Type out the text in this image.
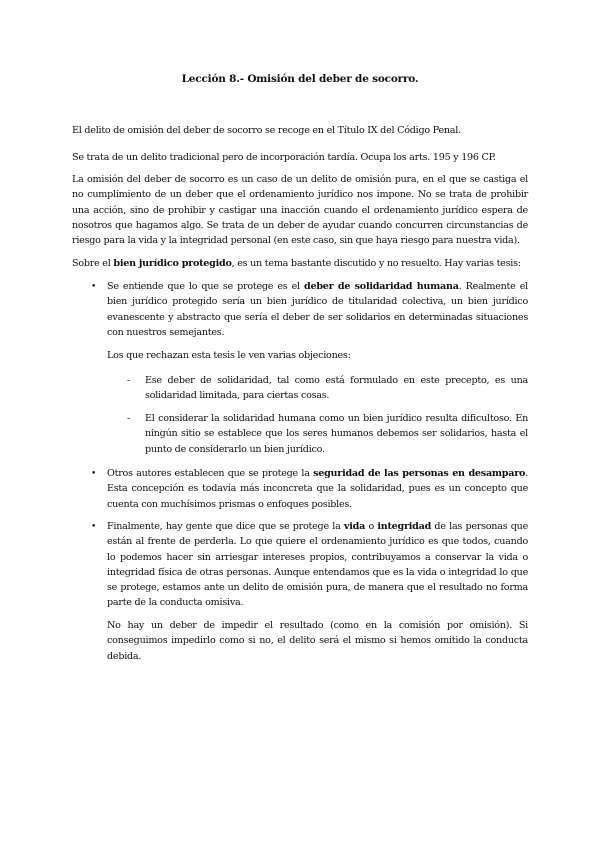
Lección 8.- Omisión del deber de socorro.

El delito de omisión del deber de socorro se recoge en el Título IX del Código Penal.

Se trata de un delito tradicional pero de incorporación tardía. Ocupa los arts. 195 y 196 CP.

La omisión del deber de socorro es un caso de un delito de omisión pura, en el que se castiga el no cumplimiento de un deber que el ordenamiento jurídico nos impone. No se trata de prohibir una acción, sino de prohibir y castigar una inacción cuando el ordenamiento jurídico espera de nosotros que hagamos algo. Se trata de un deber de ayudar cuando concurren circunstancias de riesgo para la vida y la integridad personal (en este caso, sin que haya riesgo para nuestra vida).

Sobre el bien jurídico protegido, es un tema bastante discutido y no resuelto. Hay varias tesis:

• Se entiende que lo que se protege es el deber de solidaridad humana. Realmente el bien jurídico protegido sería un bien jurídico de titularidad colectiva, un bien jurídico evanescente y abstracto que sería el deber de ser solidarios en determinadas situaciones con nuestros semejantes.

Los que rechazan esta tesis le ven varias objeciones:

- Ese deber de solidaridad, tal como está formulado en este precepto, es una solidaridad limitada, para ciertas cosas.

- El considerar la solidaridad humana como un bien jurídico resulta dificultoso. En ningún sitio se establece que los seres humanos debemos ser solidarios, hasta el punto de considerarlo un bien jurídico.

• Otros autores establecen que se protege la seguridad de las personas en desamparo. Esta concepción es todavía más inconcreta que la solidaridad, pues es un concepto que cuenta con muchísimos prismas o enfoques posibles.

• Finalmente, hay gente que dice que se protege la vida o integridad de las personas que están al frente de perderla. Lo que quiere el ordenamiento jurídico es que todos, cuando lo podemos hacer sin arriesgar intereses propios, contribuyamos a conservar la vida o integridad física de otras personas. Aunque entendamos que es la vida o integridad lo que se protege, estamos ante un delito de omisión pura, de manera que el resultado no forma parte de la conducta omisiva.

No hay un deber de impedir el resultado (como en la comisión por omisión). Si conseguimos impedirlo como si no, el delito será el mismo si hemos omitido la conducta debida.
